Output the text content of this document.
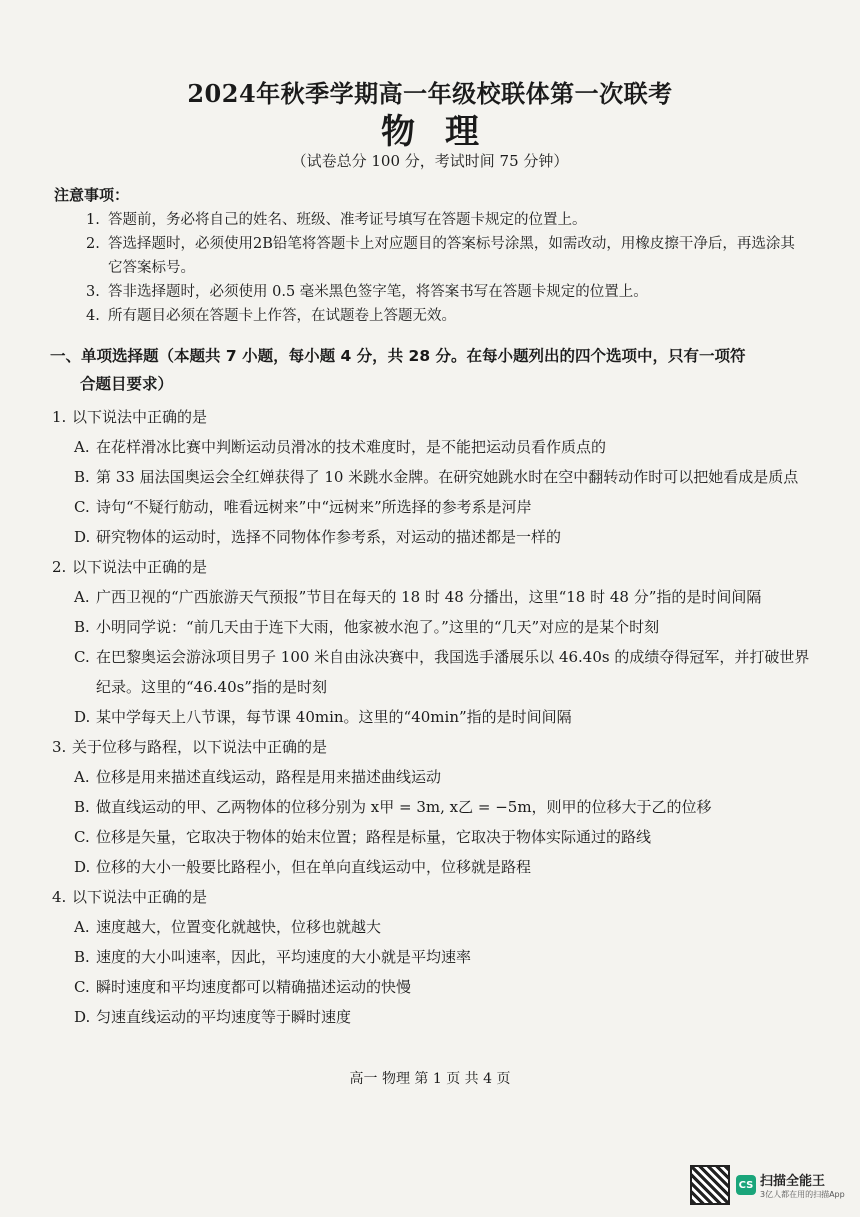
2024年秋季学期高一年级校联体第一次联考
物理
（试卷总分 100 分，考试时间 75 分钟）
注意事项：
1. 答题前，务必将自己的姓名、班级、准考证号填写在答题卡规定的位置上。
2. 答选择题时，必须使用2B铅笔将答题卡上对应题目的答案标号涂黑，如需改动，用橡皮擦干净后，再选涂其它答案标号。
3. 答非选择题时，必须使用 0.5 毫米黑色签字笔，将答案书写在答题卡规定的位置上。
4. 所有题目必须在答题卡上作答，在试题卷上答题无效。
一、单项选择题（本题共 7 小题，每小题 4 分，共 28 分。在每小题列出的四个选项中，只有一项符
合题目要求）
1. 以下说法中正确的是
A. 在花样滑冰比赛中判断运动员滑冰的技术难度时，是不能把运动员看作质点的
B. 第 33 届法国奥运会全红婵获得了 10 米跳水金牌。在研究她跳水时在空中翻转动作时可以把她看成是质点
C. 诗句“不疑行舫动，唯看远树来”中“远树来”所选择的参考系是河岸
D. 研究物体的运动时，选择不同物体作参考系，对运动的描述都是一样的
2. 以下说法中正确的是
A. 广西卫视的“广西旅游天气预报”节目在每天的 18 时 48 分播出，这里“18 时 48 分”指的是时间间隔
B. 小明同学说：“前几天由于连下大雨，他家被水泡了。”这里的“几天”对应的是某个时刻
C. 在巴黎奥运会游泳项目男子 100 米自由泳决赛中，我国选手潘展乐以 46.40s 的成绩夺得冠军，并打破世界纪录。这里的“46.40s”指的是时刻
D. 某中学每天上八节课，每节课 40min。这里的“40min”指的是时间间隔
3. 关于位移与路程，以下说法中正确的是
A. 位移是用来描述直线运动，路程是用来描述曲线运动
B. 做直线运动的甲、乙两物体的位移分别为 x甲 = 3m, x乙 = −5m，则甲的位移大于乙的位移
C. 位移是矢量，它取决于物体的始末位置；路程是标量，它取决于物体实际通过的路线
D. 位移的大小一般要比路程小，但在单向直线运动中，位移就是路程
4. 以下说法中正确的是
A. 速度越大，位置变化就越快，位移也就越大
B. 速度的大小叫速率，因此，平均速度的大小就是平均速率
C. 瞬时速度和平均速度都可以精确描述运动的快慢
D. 匀速直线运动的平均速度等于瞬时速度
高一 物理 第 1 页 共 4 页
CS 扫描全能王
3亿人都在用的扫描App
